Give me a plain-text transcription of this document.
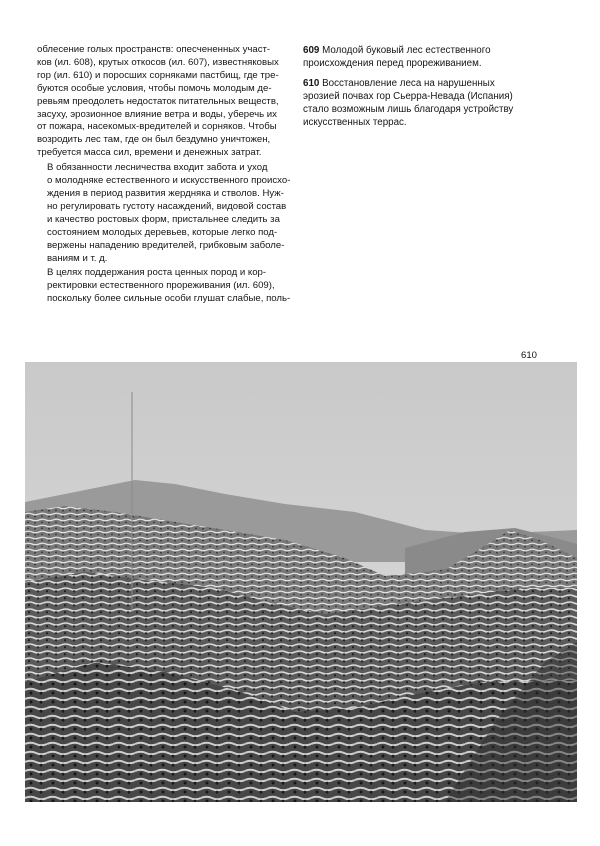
облесение голых пространств: опесчененных участ-
ков (ил. 608), крутых откосов (ил. 607), известняковых
гор (ил. 610) и поросших сорняками пастбищ, где тре-
буются особые условия, чтобы помочь молодым де-
ревьям преодолеть недостаток питательных веществ,
засуху, эрозионное влияние ветра и воды, уберечь их
от пожара, насекомых-вредителей и сорняков. Чтобы
возродить лес там, где он был бездумно уничтожен,
требуется масса сил, времени и денежных затрат.

В обязанности лесничества входит забота и уход
о молодняке естественного и искусственного происхо-
ждения в период развития жердняка и стволов. Нуж-
но регулировать густоту насаждений, видовой состав
и качество ростовых форм, пристальнее следить за
состоянием молодых деревьев, которые легко под-
вержены нападению вредителей, грибковым заболе-
ваниям и т. д.

В целях поддержания роста ценных пород и кор-
ректировки естественного прореживания (ил. 609),
поскольку более сильные особи глушат слабые, поль-

609 Молодой буковый лес естественного происхождения перед прореживанием.

610 Восстановление леса на нарушенных эрозией почвах гор Сьерра-Невада (Испания) стало возможным лишь благодаря устройству искусственных террас.

610
